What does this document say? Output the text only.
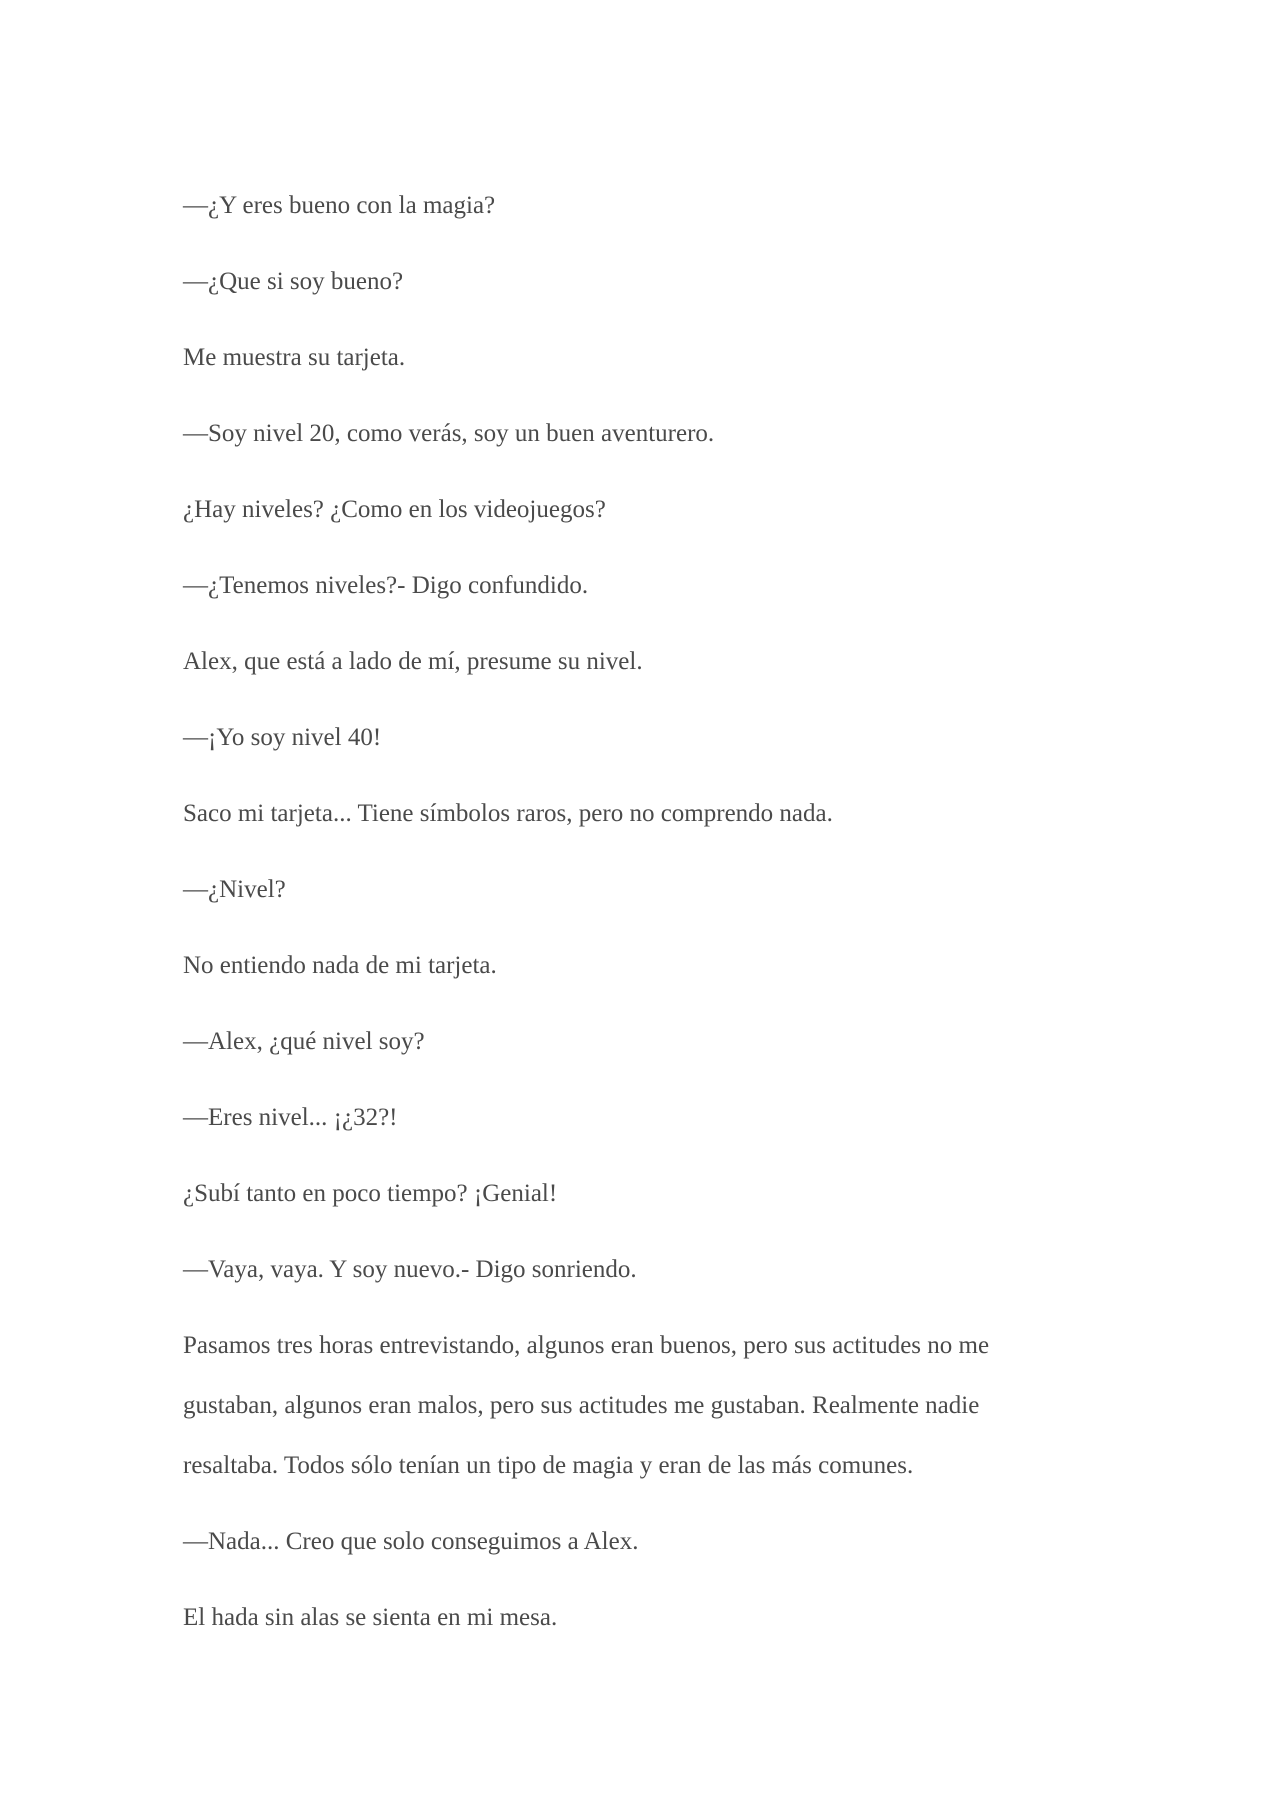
—¿Y eres bueno con la magia?

—¿Que si soy bueno?

Me muestra su tarjeta.

—Soy nivel 20, como verás, soy un buen aventurero.

¿Hay niveles? ¿Como en los videojuegos?

—¿Tenemos niveles?- Digo confundido.

Alex, que está a lado de mí, presume su nivel.

—¡Yo soy nivel 40!

Saco mi tarjeta... Tiene símbolos raros, pero no comprendo nada.

—¿Nivel?

No entiendo nada de mi tarjeta.

—Alex, ¿qué nivel soy?

—Eres nivel... ¡¿32?!

¿Subí tanto en poco tiempo? ¡Genial!

—Vaya, vaya. Y soy nuevo.- Digo sonriendo.

Pasamos tres horas entrevistando, algunos eran buenos, pero sus actitudes no me gustaban, algunos eran malos, pero sus actitudes me gustaban. Realmente nadie resaltaba. Todos sólo tenían un tipo de magia y eran de las más comunes.

—Nada... Creo que solo conseguimos a Alex.

El hada sin alas se sienta en mi mesa.
